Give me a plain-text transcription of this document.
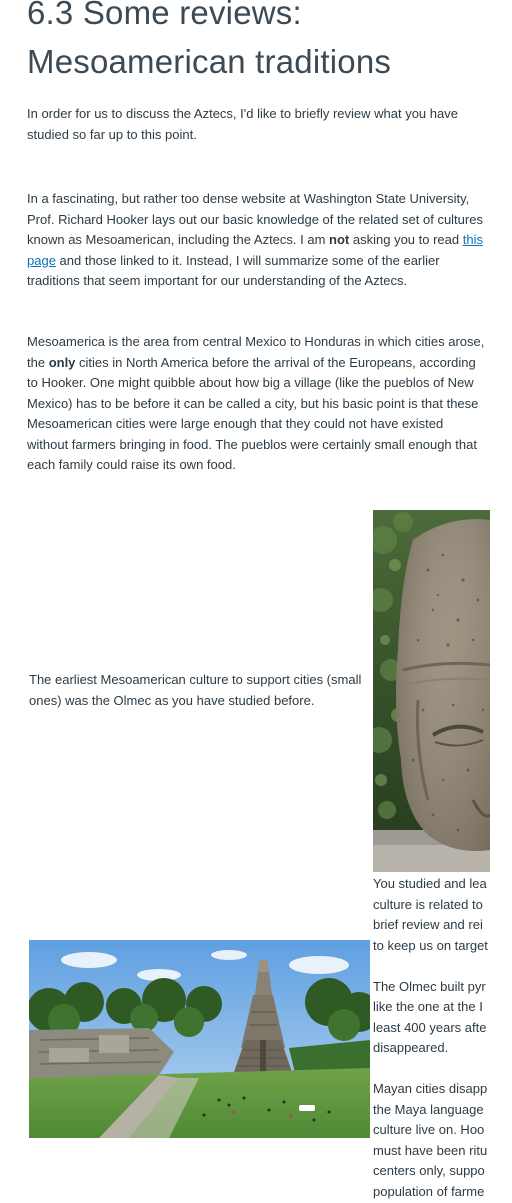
6.3 Some reviews: Mesoamerican traditions

In order for us to discuss the Aztecs, I'd like to briefly review what you have studied so far up to this point.

In a fascinating, but rather too dense website at Washington State University, Prof. Richard Hooker lays out our basic knowledge of the related set of cultures known as Mesoamerican, including the Aztecs. I am not asking you to read this page and those linked to it. Instead, I will summarize some of the earlier traditions that seem important for our understanding of the Aztecs.

Mesoamerica is the area from central Mexico to Honduras in which cities arose, the only cities in North America before the arrival of the Europeans, according to Hooker. One might quibble about how big a village (like the pueblos of New Mexico) has to be before it can be called a city, but his basic point is that these Mesoamerican cities were large enough that they could not have existed without farmers bringing in food. The pueblos were certainly small enough that each family could raise its own food.

The earliest Mesoamerican culture to support cities (small ones) was the Olmec as you have studied before.

You studied and lea
culture is related to
brief review and rei
to keep us on target

The Olmec built pyr
like the one at the I
least 400 years afte
disappeared.

Mayan cities disapp
the Maya language
culture live on. Hoo
must have been ritu
centers only, suppo
population of farme
